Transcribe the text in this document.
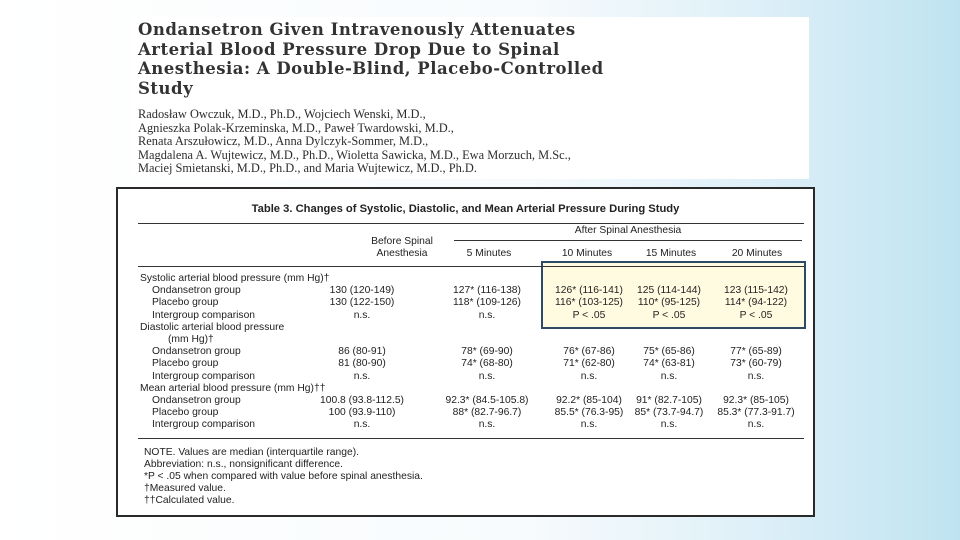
Ondansetron Given Intravenously Attenuates
Arterial Blood Pressure Drop Due to Spinal
Anesthesia: A Double-Blind, Placebo-Controlled
Study
Radosław Owczuk, M.D., Ph.D., Wojciech Wenski, M.D.,
Agnieszka Polak-Krzeminska, M.D., Paweł Twardowski, M.D.,
Renata Arszułowicz, M.D., Anna Dylczyk-Sommer, M.D.,
Magdalena A. Wujtewicz, M.D., Ph.D., Wioletta Sawicka, M.D., Ewa Morzuch, M.Sc.,
Maciej Smietanski, M.D., Ph.D., and Maria Wujtewicz, M.D., Ph.D.
Table 3. Changes of Systolic, Diastolic, and Mean Arterial Pressure During Study
Before Spinal Anesthesia
After Spinal Anesthesia
5 Minutes	10 Minutes	15 Minutes	20 Minutes
Systolic arterial blood pressure (mm Hg)†
Ondansetron group	130 (120-149)	127* (116-138)	126* (116-141)	125 (114-144)	123 (115-142)
Placebo group	130 (122-150)	118* (109-126)	116* (103-125)	110* (95-125)	114* (94-122)
Intergroup comparison	n.s.	n.s.	P < .05	P < .05	P < .05
Diastolic arterial blood pressure
(mm Hg)†
Ondansetron group	86 (80-91)	78* (69-90)	76* (67-86)	75* (65-86)	77* (65-89)
Placebo group	81 (80-90)	74* (68-80)	71* (62-80)	74* (63-81)	73* (60-79)
Intergroup comparison	n.s.	n.s.	n.s.	n.s.	n.s.
Mean arterial blood pressure (mm Hg)††
Ondansetron group	100.8 (93.8-112.5)	92.3* (84.5-105.8)	92.2* (85-104)	91* (82.7-105)	92.3* (85-105)
Placebo group	100 (93.9-110)	88* (82.7-96.7)	85.5* (76.3-95)	85* (73.7-94.7)	85.3* (77.3-91.7)
Intergroup comparison	n.s.	n.s.	n.s.	n.s.	n.s.
NOTE. Values are median (interquartile range).
Abbreviation: n.s., nonsignificant difference.
*P < .05 when compared with value before spinal anesthesia.
†Measured value.
††Calculated value.
